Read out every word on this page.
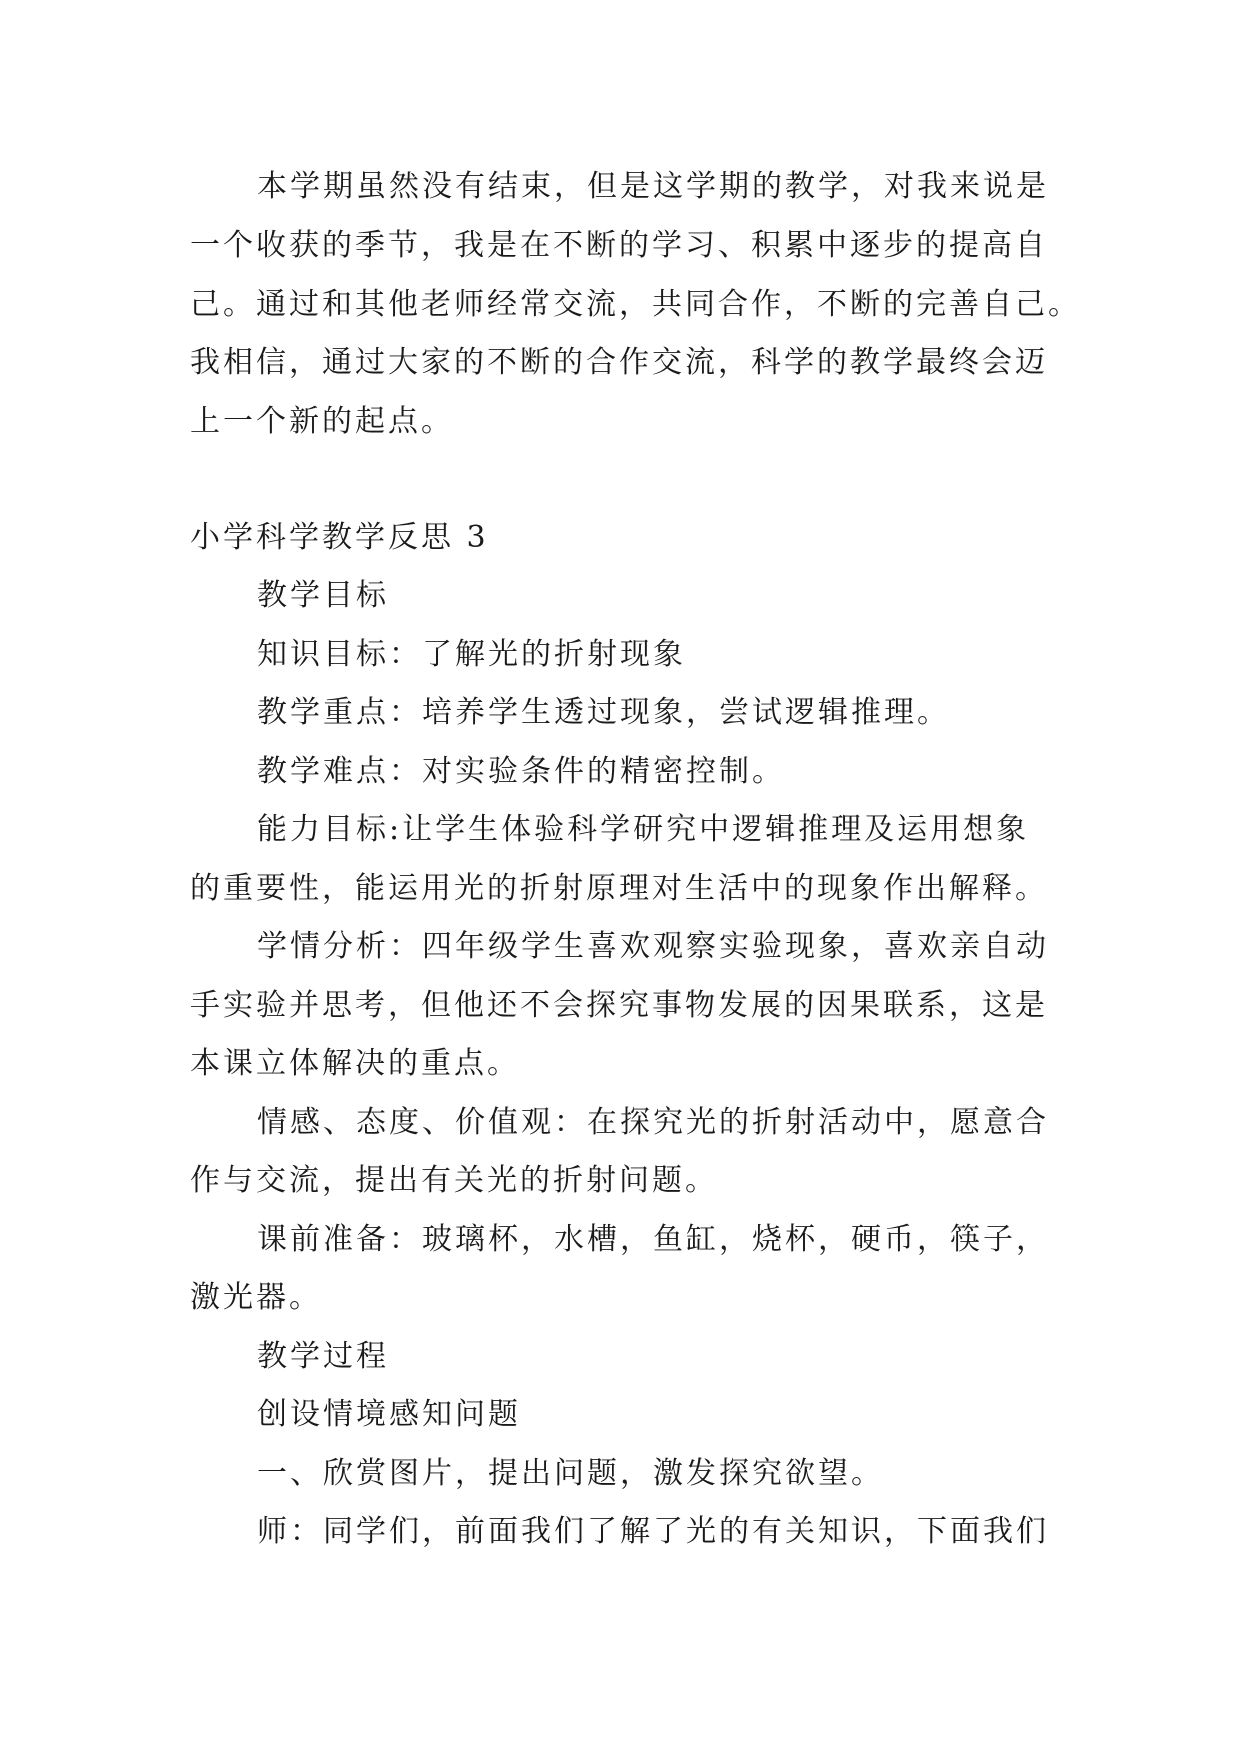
本学期虽然没有结束，但是这学期的教学，对我来说是
一个收获的季节，我是在不断的学习、积累中逐步的提高自
己。通过和其他老师经常交流，共同合作，不断的完善自己。
我相信，通过大家的不断的合作交流，科学的教学最终会迈
上一个新的起点。
小学科学教学反思 3
教学目标
知识目标：了解光的折射现象
教学重点：培养学生透过现象，尝试逻辑推理。
教学难点：对实验条件的精密控制。
能力目标:让学生体验科学研究中逻辑推理及运用想象
的重要性，能运用光的折射原理对生活中的现象作出解释。
学情分析：四年级学生喜欢观察实验现象，喜欢亲自动
手实验并思考，但他还不会探究事物发展的因果联系，这是
本课立体解决的重点。
情感、态度、价值观：在探究光的折射活动中，愿意合
作与交流，提出有关光的折射问题。
课前准备：玻璃杯，水槽，鱼缸，烧杯，硬币，筷子，
激光器。
教学过程
创设情境感知问题
一、欣赏图片，提出问题，激发探究欲望。
师：同学们，前面我们了解了光的有关知识，下面我们
